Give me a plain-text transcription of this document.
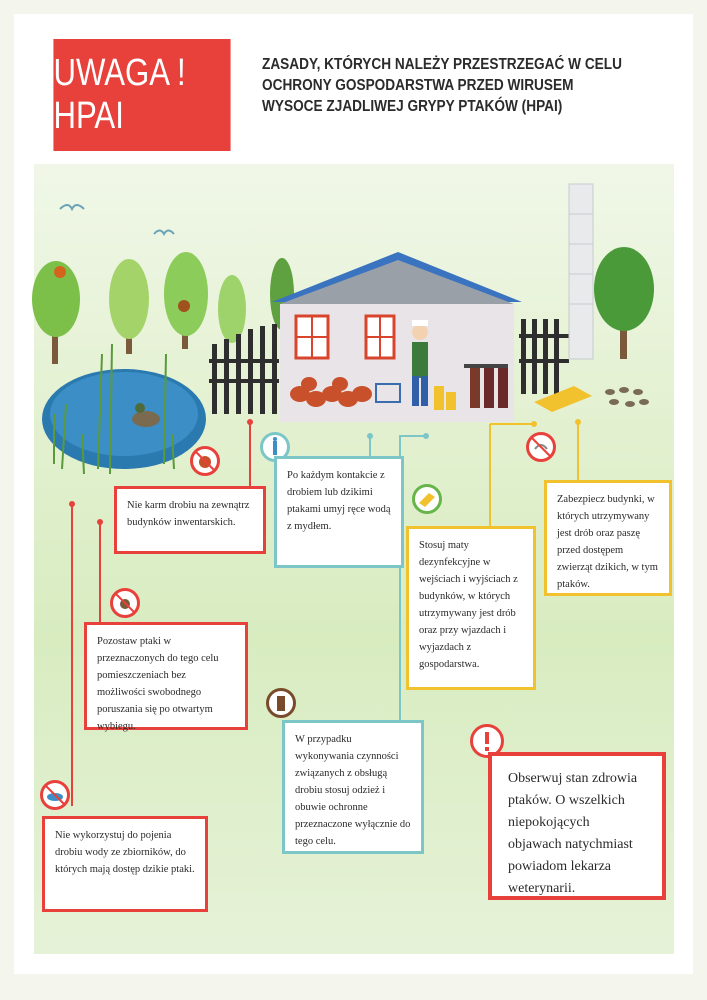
UWAGA ! HPAI
ZASADY, KTÓRYCH NALEŻY PRZESTRZEGAĆ W CELU OCHRONY GOSPODARSTWA PRZED WIRUSEM WYSOCE ZJADLIWEJ GRYPY PTAKÓW (HPAI)
Nie karm drobiu na zewnątrz budynków inwentarskich.
Po każdym kontakcie z drobiem lub dzikimi ptakami umyj ręce wodą z mydłem.
Stosuj maty dezynfekcyjne w wejściach i wyjściach z budynków, w których utrzymywany jest drób oraz przy wjazdach i wyjazdach z gospodarstwa.
Zabezpiecz budynki, w których utrzymywany jest drób oraz paszę przed dostępem zwierząt dzikich, w tym ptaków.
Pozostaw ptaki w przeznaczonych do tego celu pomieszczeniach bez możliwości swobodnego poruszania się po otwartym wybiegu.
W przypadku wykonywania czynności związanych z obsługą drobiu stosuj odzież i obuwie ochronne przeznaczone wyłącznie do tego celu.
Nie wykorzystuj do pojenia drobiu wody ze zbiorników, do których mają dostęp dzikie ptaki.
Obserwuj stan zdrowia ptaków. O wszelkich niepokojących objawach natychmiast powiadom lekarza weterynarii.
